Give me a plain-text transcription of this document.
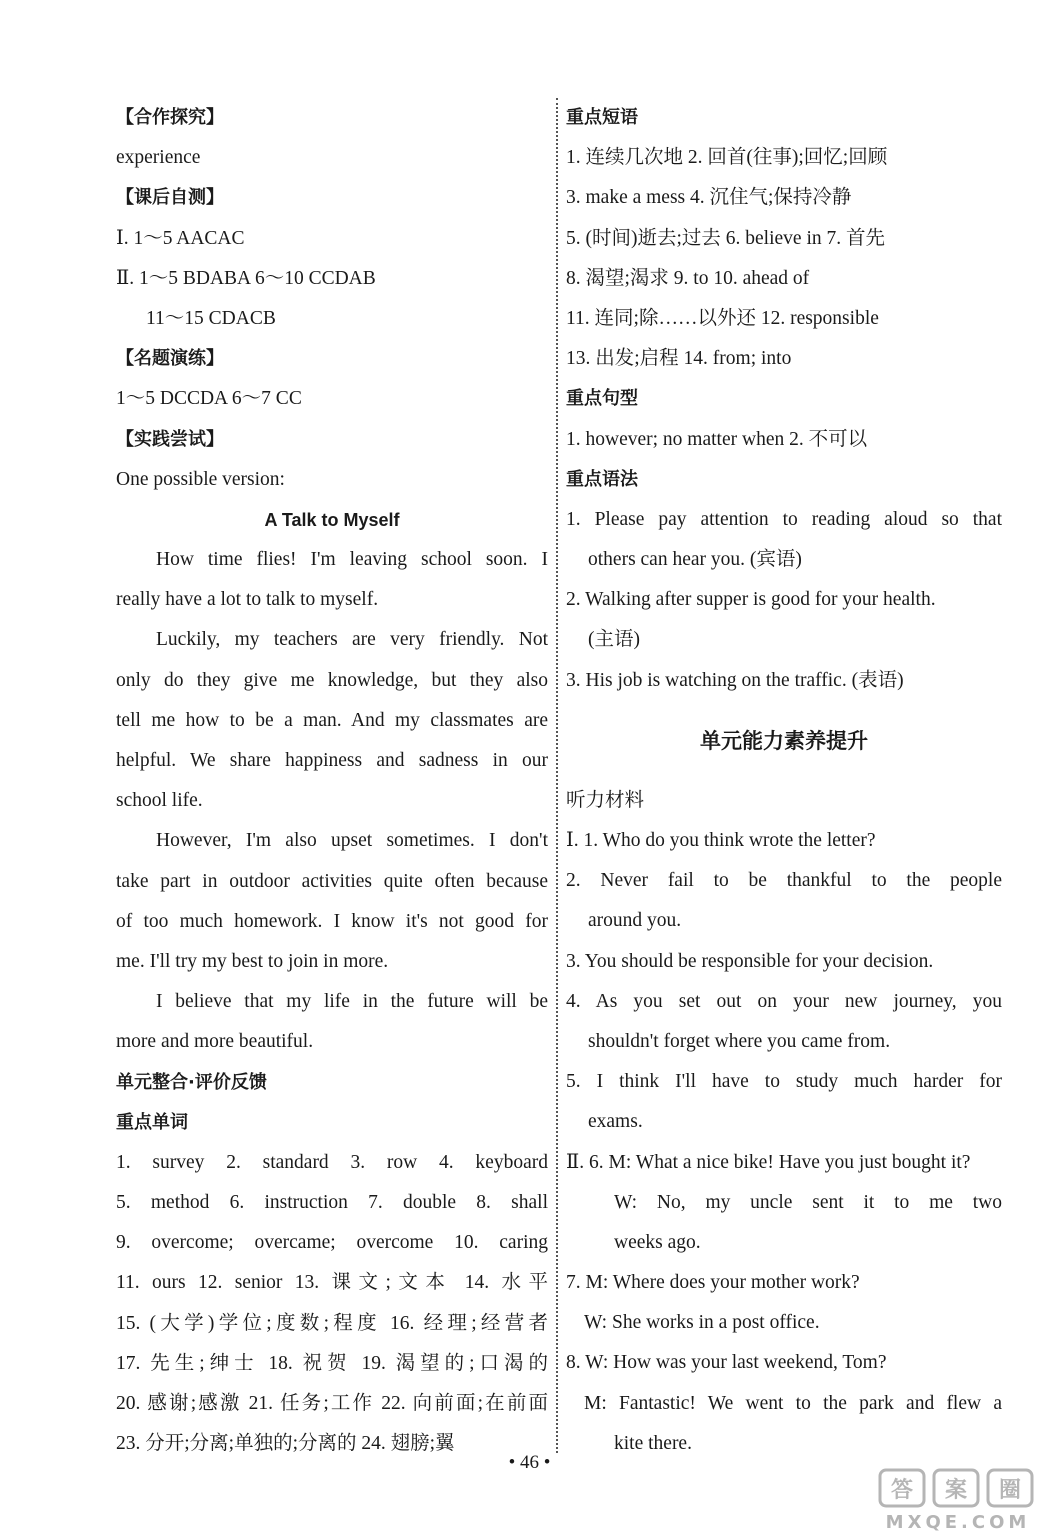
【合作探究】
experience
【课后自测】
Ⅰ. 1～5 AACAC
Ⅱ. 1～5 BDABA 6～10 CCDAB
11～15 CDACB
【名题演练】
1～5 DCCDA 6～7 CC
【实践尝试】
One possible version:
A Talk to Myself
How time flies! I'm leaving school soon. I
really have a lot to talk to myself.
Luckily, my teachers are very friendly. Not
only do they give me knowledge, but they also
tell me how to be a man. And my classmates are
helpful. We share happiness and sadness in our
school life.
However, I'm also upset sometimes. I don't
take part in outdoor activities quite often because
of too much homework. I know it's not good for
me. I'll try my best to join in more.
I believe that my life in the future will be
more and more beautiful.
单元整合·评价反馈
重点单词
1. survey 2. standard 3. row 4. keyboard
5. method 6. instruction 7. double 8. shall
9. overcome; overcame; overcome 10. caring
11. ours 12. senior 13. 课文;文本 14. 水平
15. (大学)学位;度数;程度 16. 经理;经营者
17. 先生;绅士 18. 祝贺 19. 渴望的;口渴的
20. 感谢;感激 21. 任务;工作 22. 向前面;在前面
23. 分开;分离;单独的;分离的 24. 翅膀;翼
重点短语
1. 连续几次地 2. 回首(往事);回忆;回顾
3. make a mess 4. 沉住气;保持冷静
5. (时间)逝去;过去 6. believe in 7. 首先
8. 渴望;渴求 9. to 10. ahead of
11. 连同;除……以外还 12. responsible
13. 出发;启程 14. from; into
重点句型
1. however; no matter when 2. 不可以
重点语法
1. Please pay attention to reading aloud so that
others can hear you. (宾语)
2. Walking after supper is good for your health.
(主语)
3. His job is watching on the traffic. (表语)
单元能力素养提升
听力材料
Ⅰ. 1. Who do you think wrote the letter?
2. Never fail to be thankful to the people
around you.
3. You should be responsible for your decision.
4. As you set out on your new journey, you
shouldn't forget where you came from.
5. I think I'll have to study much harder for
exams.
Ⅱ. 6. M: What a nice bike! Have you just bought it?
W: No, my uncle sent it to me two
weeks ago.
7. M: Where does your mother work?
W: She works in a post office.
8. W: How was your last weekend, Tom?
M: Fantastic! We went to the park and flew a
kite there.
• 46 •
答 案 圈
MXQE.COM
